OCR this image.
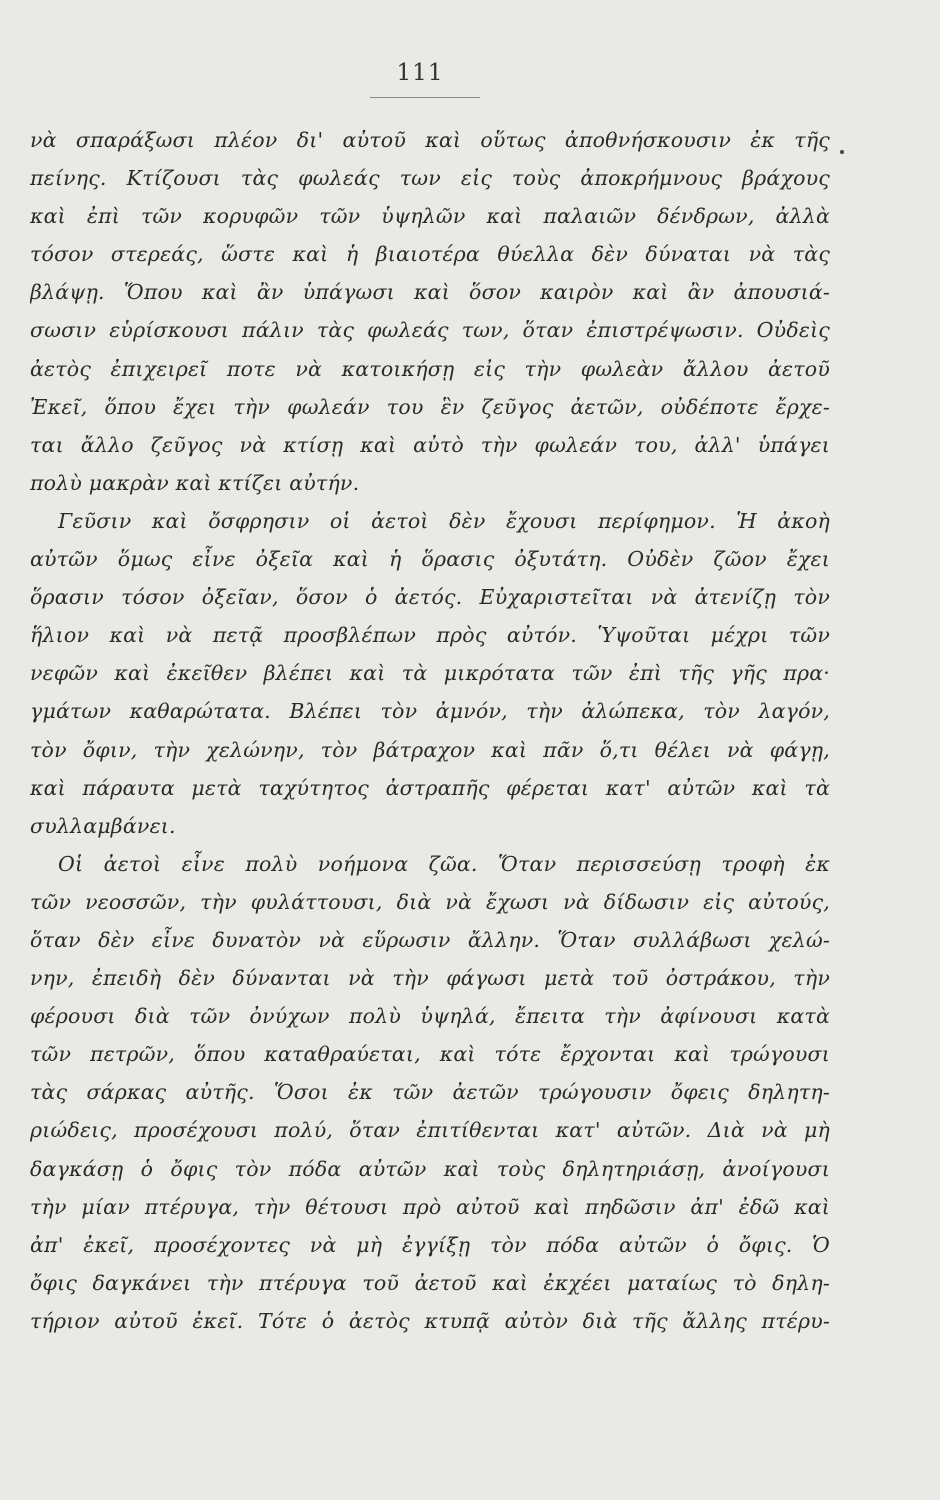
111
νὰ σπαράξωσι πλέον δι' αὐτοῦ καὶ οὕτως ἀποθνήσκουσιν ἐκ τῆς
πείνης. Κτίζουσι τὰς φωλεάς των εἰς τοὺς ἀποκρήμνους βράχους
καὶ ἐπὶ τῶν κορυφῶν τῶν ὑψηλῶν καὶ παλαιῶν δένδρων, ἀλλὰ
τόσον στερεάς, ὥστε καὶ ἡ βιαιοτέρα θύελλα δὲν δύναται νὰ τὰς
βλάψῃ. Ὅπου καὶ ἂν ὑπάγωσι καὶ ὅσον καιρὸν καὶ ἂν ἀπουσιά-
σωσιν εὑρίσκουσι πάλιν τὰς φωλεάς των, ὅταν ἐπιστρέψωσιν. Οὐδεὶς
ἀετὸς ἐπιχειρεῖ ποτε νὰ κατοικήσῃ εἰς τὴν φωλεὰν ἄλλου ἀετοῦ
Ἐκεῖ, ὅπου ἔχει τὴν φωλεάν του ἓν ζεῦγος ἀετῶν, οὐδέποτε ἔρχε-
ται ἄλλο ζεῦγος νὰ κτίσῃ καὶ αὐτὸ τὴν φωλεάν του, ἀλλ' ὑπάγει
πολὺ μακρὰν καὶ κτίζει αὐτήν.
Γεῦσιν καὶ ὄσφρησιν οἱ ἀετοὶ δὲν ἔχουσι περίφημον. Ἡ ἀκοὴ
αὐτῶν ὅμως εἶνε ὀξεῖα καὶ ἡ ὅρασις ὀξυτάτη. Οὐδὲν ζῶον ἔχει
ὅρασιν τόσον ὀξεῖαν, ὅσον ὁ ἀετός. Εὐχαριστεῖται νὰ ἀτενίζῃ τὸν
ἥλιον καὶ νὰ πετᾷ προσβλέπων πρὸς αὐτόν. Ὑψοῦται μέχρι τῶν
νεφῶν καὶ ἐκεῖθεν βλέπει καὶ τὰ μικρότατα τῶν ἐπὶ τῆς γῆς πρα·
γμάτων καθαρώτατα. Βλέπει τὸν ἀμνόν, τὴν ἀλώπεκα, τὸν λαγόν,
τὸν ὄφιν, τὴν χελώνην, τὸν βάτραχον καὶ πᾶν ὅ,τι θέλει νὰ φάγῃ,
καὶ πάραυτα μετὰ ταχύτητος ἀστραπῆς φέρεται κατ' αὐτῶν καὶ τὰ
συλλαμβάνει.
Οἱ ἀετοὶ εἶνε πολὺ νοήμονα ζῶα. Ὅταν περισσεύσῃ τροφὴ ἐκ
τῶν νεοσσῶν, τὴν φυλάττουσι, διὰ νὰ ἔχωσι νὰ δίδωσιν εἰς αὐτούς,
ὅταν δὲν εἶνε δυνατὸν νὰ εὕρωσιν ἄλλην. Ὅταν συλλάβωσι χελώ-
νην, ἐπειδὴ δὲν δύνανται νὰ τὴν φάγωσι μετὰ τοῦ ὀστράκου, τὴν
φέρουσι διὰ τῶν ὀνύχων πολὺ ὑψηλά, ἔπειτα τὴν ἀφίνουσι κατὰ
τῶν πετρῶν, ὅπου καταθραύεται, καὶ τότε ἔρχονται καὶ τρώγουσι
τὰς σάρκας αὐτῆς. Ὅσοι ἐκ τῶν ἀετῶν τρώγουσιν ὄφεις δηλητη-
ριώδεις, προσέχουσι πολύ, ὅταν ἐπιτίθενται κατ' αὐτῶν. Διὰ νὰ μὴ
δαγκάσῃ ὁ ὄφις τὸν πόδα αὐτῶν καὶ τοὺς δηλητηριάσῃ, ἀνοίγουσι
τὴν μίαν πτέρυγα, τὴν θέτουσι πρὸ αὐτοῦ καὶ πηδῶσιν ἀπ' ἐδῶ καὶ
ἀπ' ἐκεῖ, προσέχοντες νὰ μὴ ἐγγίξῃ τὸν πόδα αὐτῶν ὁ ὄφις. Ὁ
ὄφις δαγκάνει τὴν πτέρυγα τοῦ ἀετοῦ καὶ ἐκχέει ματαίως τὸ δηλη-
τήριον αὐτοῦ ἐκεῖ. Τότε ὁ ἀετὸς κτυπᾷ αὐτὸν διὰ τῆς ἄλλης πτέρυ-
